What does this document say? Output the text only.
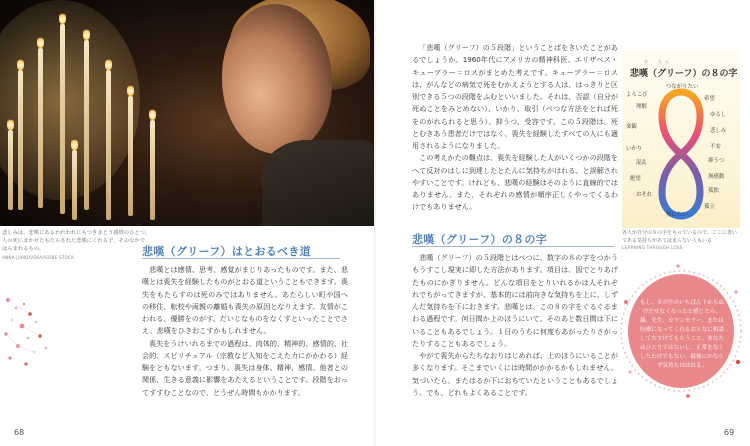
悲しみは、悲嘆にあるわれわれにもつきまとう感情のひとつ。人の死にまかせたもたらされた悲嘆にくれる子、そのなかではらまれるもの。
ANNA JURKOVSKA/ISOBE STOCK	悲嘆（グリーフ）はとおるべき道

悲嘆とは感情、思考、感覚がまじりあったものです。また、悲嘆とは喪失を経験したものがとおる道ということもできます。喪失をもたらすのは死のみではありません。あたらしい町や国への移住、転校や両親の離婚も喪失の原因となりえます。友情がこわれる、優勝をのがす、だいじなものをなくすといったことでさえ、悲嘆をひきおこすかもしれません。

喪失をうけいれるまでの過程は、肉体的、精神的、感情的、社会的、スピリチュアル（宗教など人知をこえた力にかかわる）経験をともないます。つまり、喪失は身体、精神、感情、他者との関係、生きる意義に影響をあたえるということです。段階をおってすすむことなので、とうぜん時間もかかります。

68

「悲嘆（グリーフ）の５段階」ということばをきいたことがあるでしょうか。1960年代にアメリカの精神科医、エリザベス・キューブラー＝ロスがまとめた考えです。キューブラー＝ロスは、がんなどの病気で死をむかえようとする人は、はっきりと区別できる５つの段階をふむといいました。それは、否認（自分が死ぬことをみとめない）、いかり、取引（べつな方法をとれば死をのがれられると思う）、抑うつ、受容です。この５段階は、死とむきあう患者だけではなく、喪失を経験したすべての人にも適用されるようになりました。

この考えかたの難点は、喪失を経験した人がいくつかの段階をへて反対のはしに到達したとたんに気持ちがはれる、と誤解されやすいことです。けれども、悲嘆の経験はそのように直線的ではありません。また、それぞれの感情が順序正しくやってくるわけでもありません。

悲嘆（グリーフ）の８の字

悲嘆（グリーフ）の５段階とはべつに、数字の８の字をつかうもうすこし現実に即した方法があります。項目は、図でとりあげたものにかぎりません。どんな項目をとりいれるかは人それぞれでちがってきますが、基本的には前向きな気持ちを上に、しずんだ気持ちを下におきます。悲嘆とは、この８の字をぐるぐるまわる過程です。何日間か上のほうにいて、そのあと数日間は下にいることもあるでしょう。１日のうちに何度もあがったりさがったりすることもあるでしょう。

やがて喪失からたちなおりはじめれば、上のほうにいることが多くなります。そこまでいくには時間がかかるかもしれません。気づいたら、またはるか下におちていたということもあるでしょう。でも、どれもよくあることです。

ひ　たん
悲嘆（グリーフ）の８の字
つながりたい
よろこび
希望
理解
ゆるし
楽観
悲しみ
いかり	不安
混乱	抑うつ
絶望	無感動
おそれ
孤独
死にたい
孤立
各人が自分の８の字をもっているので、ここに書いてある気持ちがあてはまらない人もいる
LEARNING THROUGH LOSS
もし、８の字のいちばん下からぬけだせなくなったと感じたら、親、先生、カウンセラー、または医療になってくれるおとなに相談してたすけてもらうこと。あなたはひとりではないし、正常をなくしたわけでもない。最後にかならず気持ちははれる。
69
